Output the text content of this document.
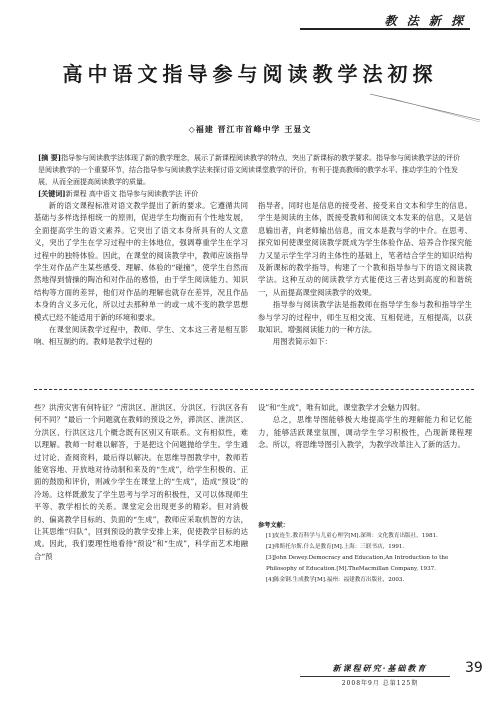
教 法 新 探
高中语文指导参与阅读教学法初探
◇福建 晋江市首峰中学 王显文

[摘 要]指导参与阅读教学法体现了新的教学理念，展示了新课程阅读教学的特点，突出了新课标的教学要求。指导参与阅读教学法的评价是阅读教学的一个重要环节，结合指导参与阅读教学法来探讨语文阅读课堂教学的评价，有利于提高教师的教学水平、推动学生的个性发展，从而全面提高阅读教学的质量。

[关键词]新课程 高中语文 指导参与阅读教学法 评价

新的语文课程标准对语文教学提出了新的要求。它遵循共同基础与多样选择相统一的原则，促进学生均衡而有个性地发展，全面提高学生的语文素养。它突出了语文本身所具有的人文意义，突出了学生在学习过程中的主体地位，强调尊重学生在学习过程中的独特体验。因此，在课堂的阅读教学中，教师应该指导学生对作品产生某些感受、理解、体验的“碰撞”，使学生自然而然地得到情操的陶冶和对作品的感悟，由于学生阅读能力、知识结构等方面的差异，他们对作品的理解也就存在差异，况且作品本身的含义多元化，所以过去那种单一的或一成不变的教学思想模式已经不能适用于新的环境和要求。

在课堂阅读教学过程中，教师、学生、文本这三者是相互影响、相互制约的。教师是教学过程的

指导者，同时也是信息的接受者、接受来自文本和学生的信息。学生是阅读的主体，既接受教师和阅读文本发来的信息，又是信息输出者，向老师输出信息，而文本是教与学的中介。在思考、探究如何使课堂阅读教学既成为学生体验作品、培养合作探究能力又显示学生学习的主体性的基础上，笔者结合学生的知识结构及新课标的教学指导，构建了一个教和指导参与下的语文阅读教学法。这种互动的阅读教学方式能使这三者达到高度的和谐统一，从而提高课堂阅读教学的效果。

指导参与阅读教学法是指教师在指导学生参与教和指导学生参与学习的过程中，师生互相交流、互相促进，互相提高，以获取知识、增强阅读能力的一种方法。

用图表简示如下：

些？洪涝灾害有何特征？”涝洪区、泄洪区、分洪区、行洪区各有何不同？”最后一个问题就在教师的预设之外，滞洪区、泄洪区、分洪区、行洪区这几个概念既有区别又有联系。文有相似性，难以理解。教师一时难以解答，于是把这个问题抛给学生。学生通过讨论、查阅资料，最后得以解决。在思维导图教学中，教师若能宽容地、开放地对待动制和来及的“生成”，给学生积极的、正面的鼓励和评价，则减少学生在课堂上的“生成”，造成“预设”的冷场。这样既激发了学生思考与学习的积极性，又可以体现师生平等、教学相长的关系。课堂定会出现更多的精彩。但对消极的、偏离教学目标的、负面的“生成”，教师应采取机智的方法，让其思维“归队”，回到预设的教学安排上来，促使教学目标的达成。因此，我们要理性地看待“预设”和“生成”，科学而艺术地融合“预

设”和“生成”，唯有如此，课堂教学才会魅力四射。

总之，思维导图能够极大地提高学生的理解能力和记忆能力，能够活跃课堂氛围，调动学生学习积极性，凸现新课程理念。所以，将思维导图引入教学，为教学改革注入了新的活力。

参考文献：

[1]皮连生.教育科学与儿童心理学[M].深圳：文化教育出版社，1981.

[2]弗斯托尔斯.什么是教育[M].上海：三联书店，1991.

[3]John Dewey.Democracy and Education,An Introduction to the Philosophy of Education.[M].TheMacmillan Company, 1937.

[4]陈金钢.生成教学[M].福州：福建教育出版社，2003.

新课程研究·基础教育
2008年9月 总第125期
39
